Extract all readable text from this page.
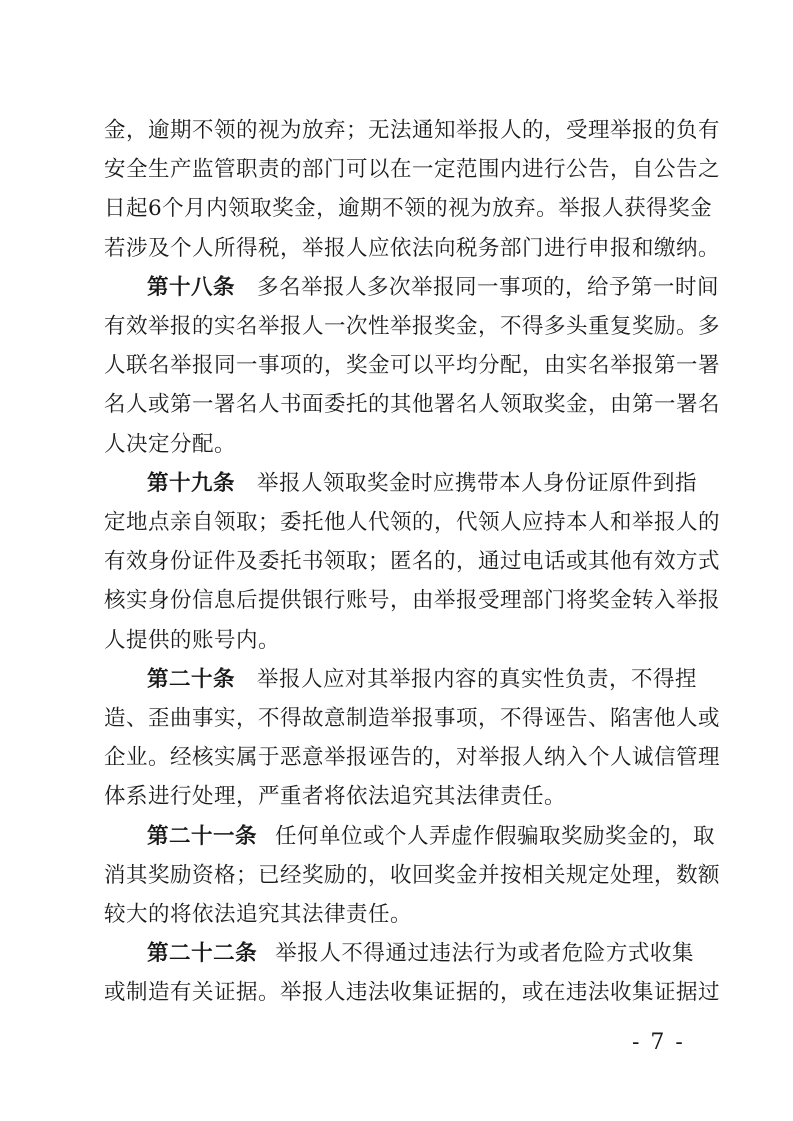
金，逾期不领的视为放弃；无法通知举报人的，受理举报的负有
安全生产监管职责的部门可以在一定范围内进行公告，自公告之
日起6个月内领取奖金，逾期不领的视为放弃。举报人获得奖金
若涉及个人所得税，举报人应依法向税务部门进行申报和缴纳。
第十八条 多名举报人多次举报同一事项的，给予第一时间
有效举报的实名举报人一次性举报奖金，不得多头重复奖励。多
人联名举报同一事项的，奖金可以平均分配，由实名举报第一署
名人或第一署名人书面委托的其他署名人领取奖金，由第一署名
人决定分配。
第十九条 举报人领取奖金时应携带本人身份证原件到指
定地点亲自领取；委托他人代领的，代领人应持本人和举报人的
有效身份证件及委托书领取；匿名的，通过电话或其他有效方式
核实身份信息后提供银行账号，由举报受理部门将奖金转入举报
人提供的账号内。
第二十条 举报人应对其举报内容的真实性负责，不得捏
造、歪曲事实，不得故意制造举报事项，不得诬告、陷害他人或
企业。经核实属于恶意举报诬告的，对举报人纳入个人诚信管理
体系进行处理，严重者将依法追究其法律责任。
第二十一条 任何单位或个人弄虚作假骗取奖励奖金的，取
消其奖励资格；已经奖励的，收回奖金并按相关规定处理，数额
较大的将依法追究其法律责任。
第二十二条 举报人不得通过违法行为或者危险方式收集
- 7 -
或制造有关证据。举报人违法收集证据的，或在违法收集证据过
